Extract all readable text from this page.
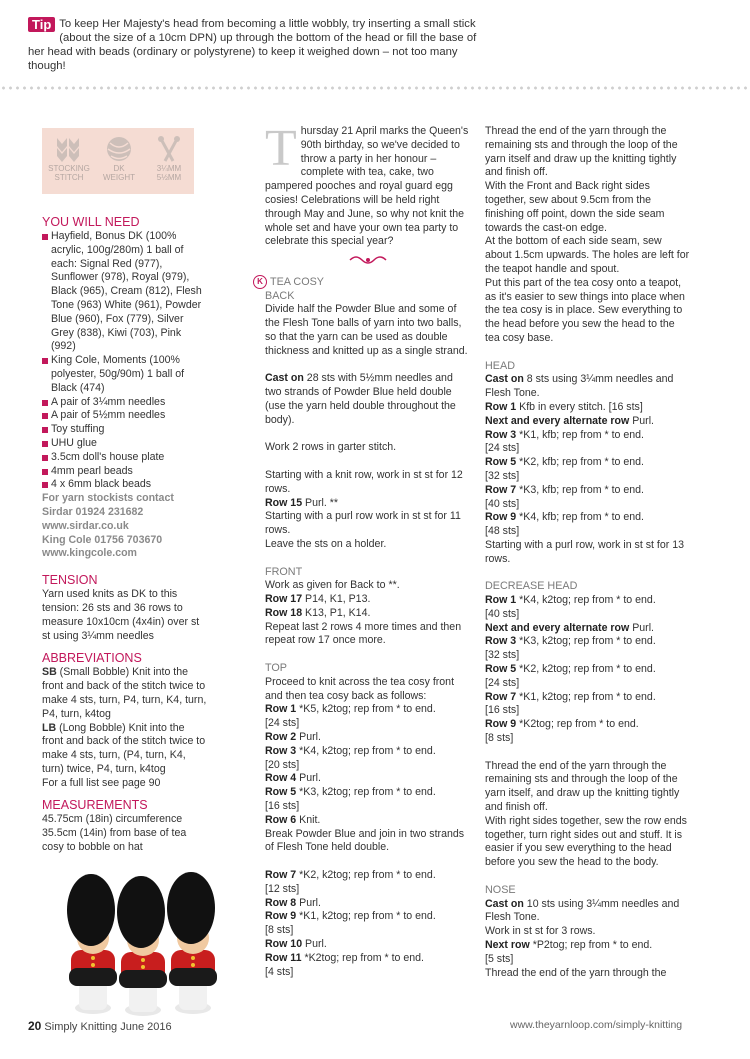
Tip To keep Her Majesty's head from becoming a little wobbly, try inserting a small stick (about the size of a 10cm DPN) up through the bottom of the head or fill the base of her head with beads (ordinary or polystyrene) to keep it weighed down – not too many though!
STOCKING
STITCH
DK
WEIGHT
3¼MM
5½MM
YOU WILL NEED
Hayfield, Bonus DK (100% acrylic, 100g/280m) 1 ball of each: Signal Red (977), Sunflower (978), Royal (979), Black (965), Cream (812), Flesh Tone (963) White (961), Powder Blue (960), Fox (779), Silver Grey (838), Kiwi (703), Pink (992)
King Cole, Moments (100% polyester, 50g/90m) 1 ball of Black (474)
A pair of 3¼mm needles
A pair of 5½mm needles
Toy stuffing
UHU glue
3.5cm doll's house plate
4mm pearl beads
4 x 6mm black beads
For yarn stockists contact
Sirdar 01924 231682
www.sirdar.co.uk
King Cole 01756 703670
www.kingcole.com
TENSION
Yarn used knits as DK to this tension: 26 sts and 36 rows to measure 10x10cm (4x4in) over st st using 3¼mm needles
ABBREVIATIONS
SB (Small Bobble) Knit into the front and back of the stitch twice to make 4 sts, turn, P4, turn, K4, turn, P4, turn, k4tog
LB (Long Bobble) Knit into the front and back of the stitch twice to make 4 sts, turn, (P4, turn, K4, turn) twice, P4, turn, k4tog
For a full list see page 90
MEASUREMENTS
45.75cm (18in) circumference 35.5cm (14in) from base of tea cosy to bobble on hat
Thursday 21 April marks the Queen's 90th birthday, so we've decided to throw a party in her honour – complete with tea, cake, two pampered pooches and royal guard egg cosies! Celebrations will be held right through May and June, so why not knit the whole set and have your own tea party to celebrate this special year?
K TEA COSY
BACK
Divide half the Powder Blue and some of the Flesh Tone balls of yarn into two balls, so that the yarn can be used as double thickness and knitted up as a single strand.
Cast on 28 sts with 5½mm needles and two strands of Powder Blue held double (use the yarn held double throughout the body).
Work 2 rows in garter stitch.
Starting with a knit row, work in st st for 12 rows.
Row 15 Purl. **
Starting with a purl row work in st st for 11 rows.
Leave the sts on a holder.
FRONT
Work as given for Back to **.
Row 17 P14, K1, P13.
Row 18 K13, P1, K14.
Repeat last 2 rows 4 more times and then repeat row 17 once more.
TOP
Proceed to knit across the tea cosy front and then tea cosy back as follows:
Row 1 *K5, k2tog; rep from * to end.
[24 sts]
Row 2 Purl.
Row 3 *K4, k2tog; rep from * to end.
[20 sts]
Row 4 Purl.
Row 5 *K3, k2tog; rep from * to end.
[16 sts]
Row 6 Knit.
Break Powder Blue and join in two strands of Flesh Tone held double.
Row 7 *K2, k2tog; rep from * to end.
[12 sts]
Row 8 Purl.
Row 9 *K1, k2tog; rep from * to end.
[8 sts]
Row 10 Purl.
Row 11 *K2tog; rep from * to end.
[4 sts]
Thread the end of the yarn through the remaining sts and through the loop of the yarn itself and draw up the knitting tightly and finish off.
With the Front and Back right sides together, sew about 9.5cm from the finishing off point, down the side seam towards the cast-on edge.
At the bottom of each side seam, sew about 1.5cm upwards. The holes are left for the teapot handle and spout.
Put this part of the tea cosy onto a teapot, as it's easier to sew things into place when the tea cosy is in place. Sew everything to the head before you sew the head to the tea cosy base.
HEAD
Cast on 8 sts using 3¼mm needles and Flesh Tone.
Row 1 Kfb in every stitch. [16 sts]
Next and every alternate row Purl.
Row 3 *K1, kfb; rep from * to end.
[24 sts]
Row 5 *K2, kfb; rep from * to end.
[32 sts]
Row 7 *K3, kfb; rep from * to end.
[40 sts]
Row 9 *K4, kfb; rep from * to end.
[48 sts]
Starting with a purl row, work in st st for 13 rows.
DECREASE HEAD
Row 1 *K4, k2tog; rep from * to end.
[40 sts]
Next and every alternate row Purl.
Row 3 *K3, k2tog; rep from * to end.
[32 sts]
Row 5 *K2, k2tog; rep from * to end.
[24 sts]
Row 7 *K1, k2tog; rep from * to end.
[16 sts]
Row 9 *K2tog; rep from * to end.
[8 sts]
Thread the end of the yarn through the remaining sts and through the loop of the yarn itself, and draw up the knitting tightly and finish off.
With right sides together, sew the row ends together, turn right sides out and stuff. It is easier if you sew everything to the head before you sew the head to the body.
NOSE
Cast on 10 sts using 3¼mm needles and Flesh Tone.
Work in st st for 3 rows.
Next row *P2tog; rep from * to end.
[5 sts]
Thread the end of the yarn through the
20 Simply Knitting June 2016	www.theyarnloop.com/simply-knitting
